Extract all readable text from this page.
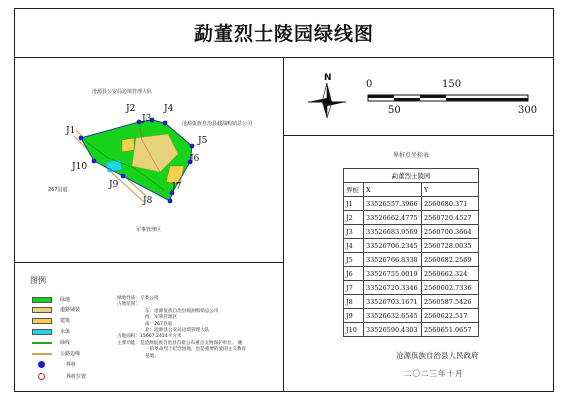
勐董烈士陵园绿线图
沧源县公安局边境管理大队
沧源佤族自治县载油购销总公司
267县道
军事管理区
J1
J2
J3
J4
J5
J6
J7
J8
J9
J10
图例
绿地
道路铺装
建筑
水体
绿线
公路边缘
界桩
界桩位置

绿地性质：专类公园

占地范围：

东：沧源佤族自治县载油购销总公司

西：军事管理区

南：267县道

北：沧源县公安局边境管理大队

占地面积：15667.2414平方米

主要功能：是沧源佤族自治县首批公布重点文物保护单位。 她

一的革命烈士纪念园地，也是重要的爱国主义教育

基地。

N
0	150
50	300
界桩点坐标表
勐董烈士陵园		
界桩	X	Y
J1	33526557.3966	2560680.371
J2	33526662.4775	2560720.4527
J3	33526683.9569	2560700.3664
J4	33526706.2345	2560728.0035
J5	33526766.8338	2560682.2569
J6	33526755.0019	2560662.324
J7	33526720.3346	2560602.7336
J8	33526703.1671	2560587.5426
J9	33526632.6545	2560622.517
J10	33526590.4303	2560651.0657
沧源佤族自治县人民政府
二〇二三年十月
